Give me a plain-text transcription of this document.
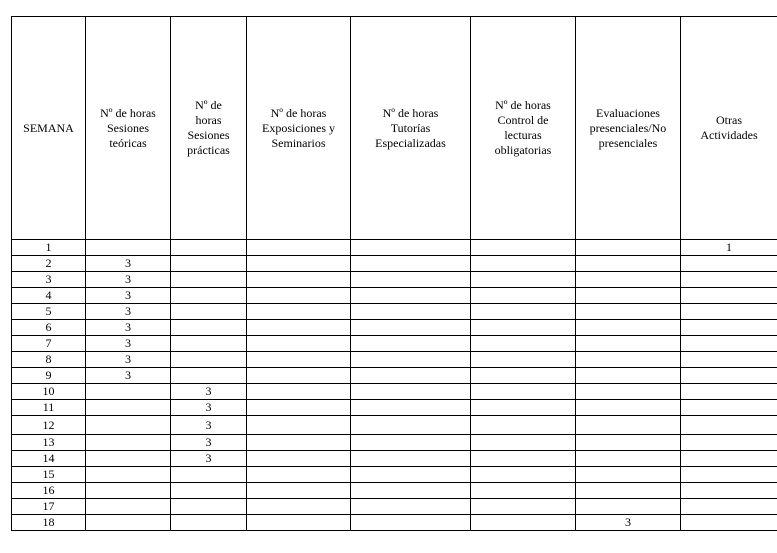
SEMANA	Nº de horas Sesiones teóricas	Nº de horas Sesiones prácticas	Nº de horas Exposiciones y Seminarios	Nº de horas Tutorías Especializadas	Nº de horas Control de lecturas obligatorias	Evaluaciones presenciales/No presenciales	Otras Actividades
1							1
2	3						
3	3						
4	3						
5	3						
6	3						
7	3						
8	3						
9	3						
10		3					
11		3					
12		3					
13		3					
14		3					
15							
16							
17							
18						3	
